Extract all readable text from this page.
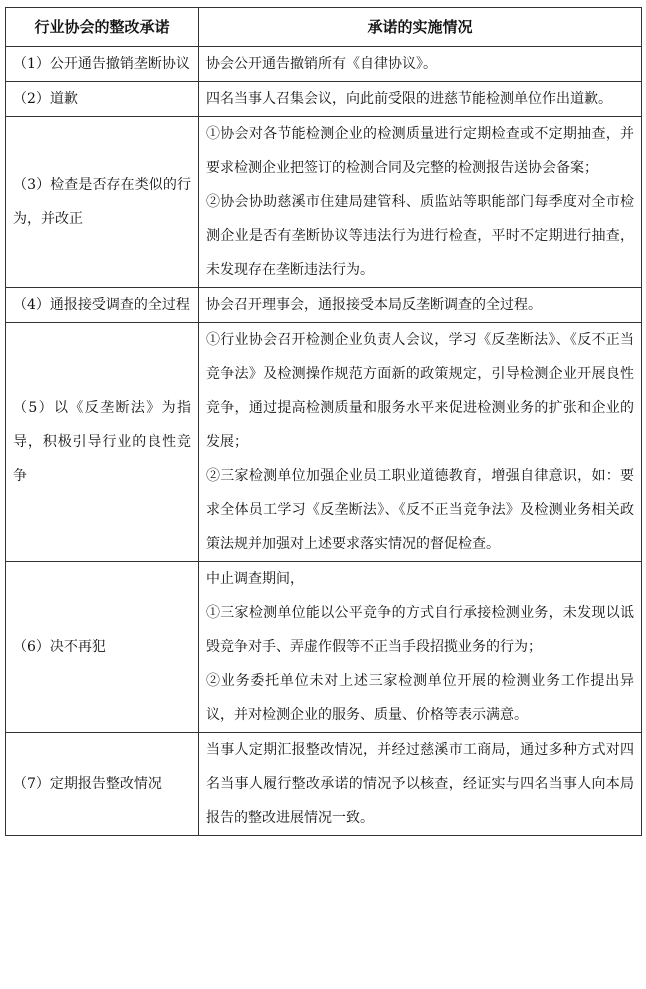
行业协会的整改承诺	承诺的实施情况
（1）公开通告撤销垄断协议	协会公开通告撤销所有《自律协议》。

（2）道歉	四名当事人召集会议，向此前受限的进慈节能检测单位作出道歉。

（3）检查是否存在类似的行为，并改正	①协会对各节能检测企业的检测质量进行定期检查或不定期抽查，并要求检测企业把签订的检测合同及完整的检测报告送协会备案；

②协会协助慈溪市住建局建管科、质监站等职能部门每季度对全市检测企业是否有垄断协议等违法行为进行检查，平时不定期进行抽查，未发现存在垄断违法行为。

（4）通报接受调查的全过程	协会召开理事会，通报接受本局反垄断调查的全过程。

（5）以《反垄断法》为指导，积极引导行业的良性竞争	①行业协会召开检测企业负责人会议，学习《反垄断法》、《反不正当竞争法》及检测操作规范方面新的政策规定，引导检测企业开展良性竞争，通过提高检测质量和服务水平来促进检测业务的扩张和企业的发展；

②三家检测单位加强企业员工职业道德教育，增强自律意识，如：要求全体员工学习《反垄断法》、《反不正当竞争法》及检测业务相关政策法规并加强对上述要求落实情况的督促检查。

（6）决不再犯	中止调查期间，

①三家检测单位能以公平竞争的方式自行承接检测业务，未发现以诋毁竞争对手、弄虚作假等不正当手段招揽业务的行为；

②业务委托单位未对上述三家检测单位开展的检测业务工作提出异议，并对检测企业的服务、质量、价格等表示满意。

（7）定期报告整改情况	当事人定期汇报整改情况，并经过慈溪市工商局，通过多种方式对四名当事人履行整改承诺的情况予以核查，经证实与四名当事人向本局报告的整改进展情况一致。
